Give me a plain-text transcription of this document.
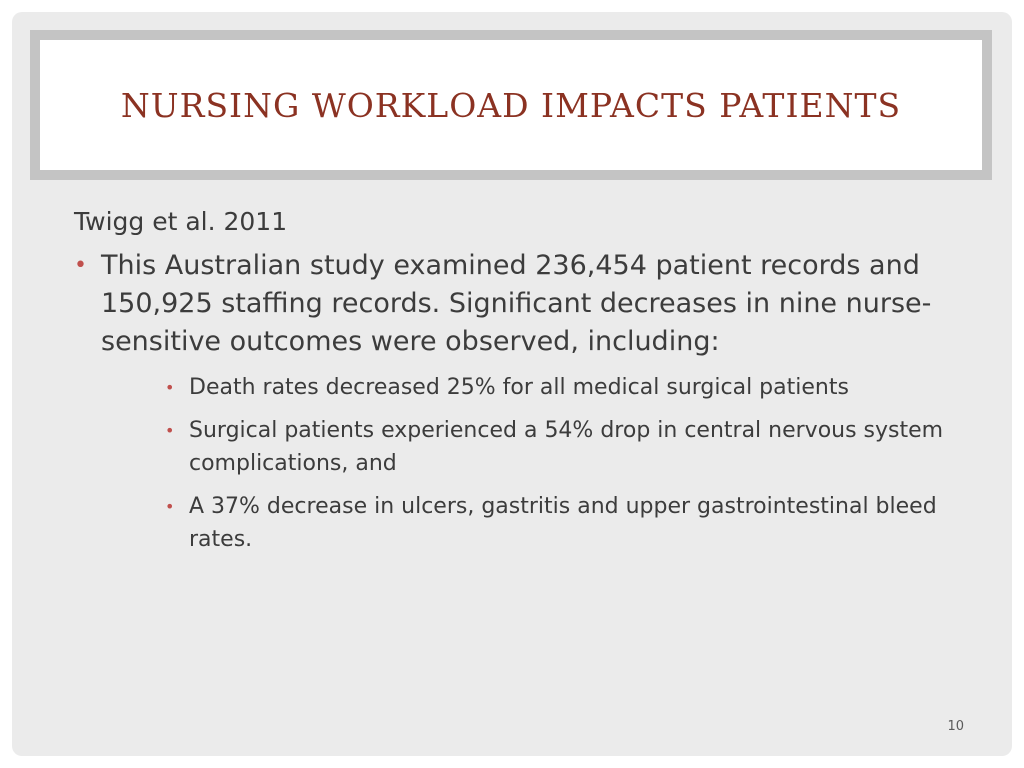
NURSING WORKLOAD IMPACTS PATIENTS

Twigg et al. 2011

• This Australian study examined 236,454 patient records and 150,925 staffing records. Significant decreases in nine nurse-sensitive outcomes were observed, including:
• Death rates decreased 25% for all medical surgical patients
• Surgical patients experienced a 54% drop in central nervous system complications, and
• A 37% decrease in ulcers, gastritis and upper gastrointestinal bleed rates.
10
